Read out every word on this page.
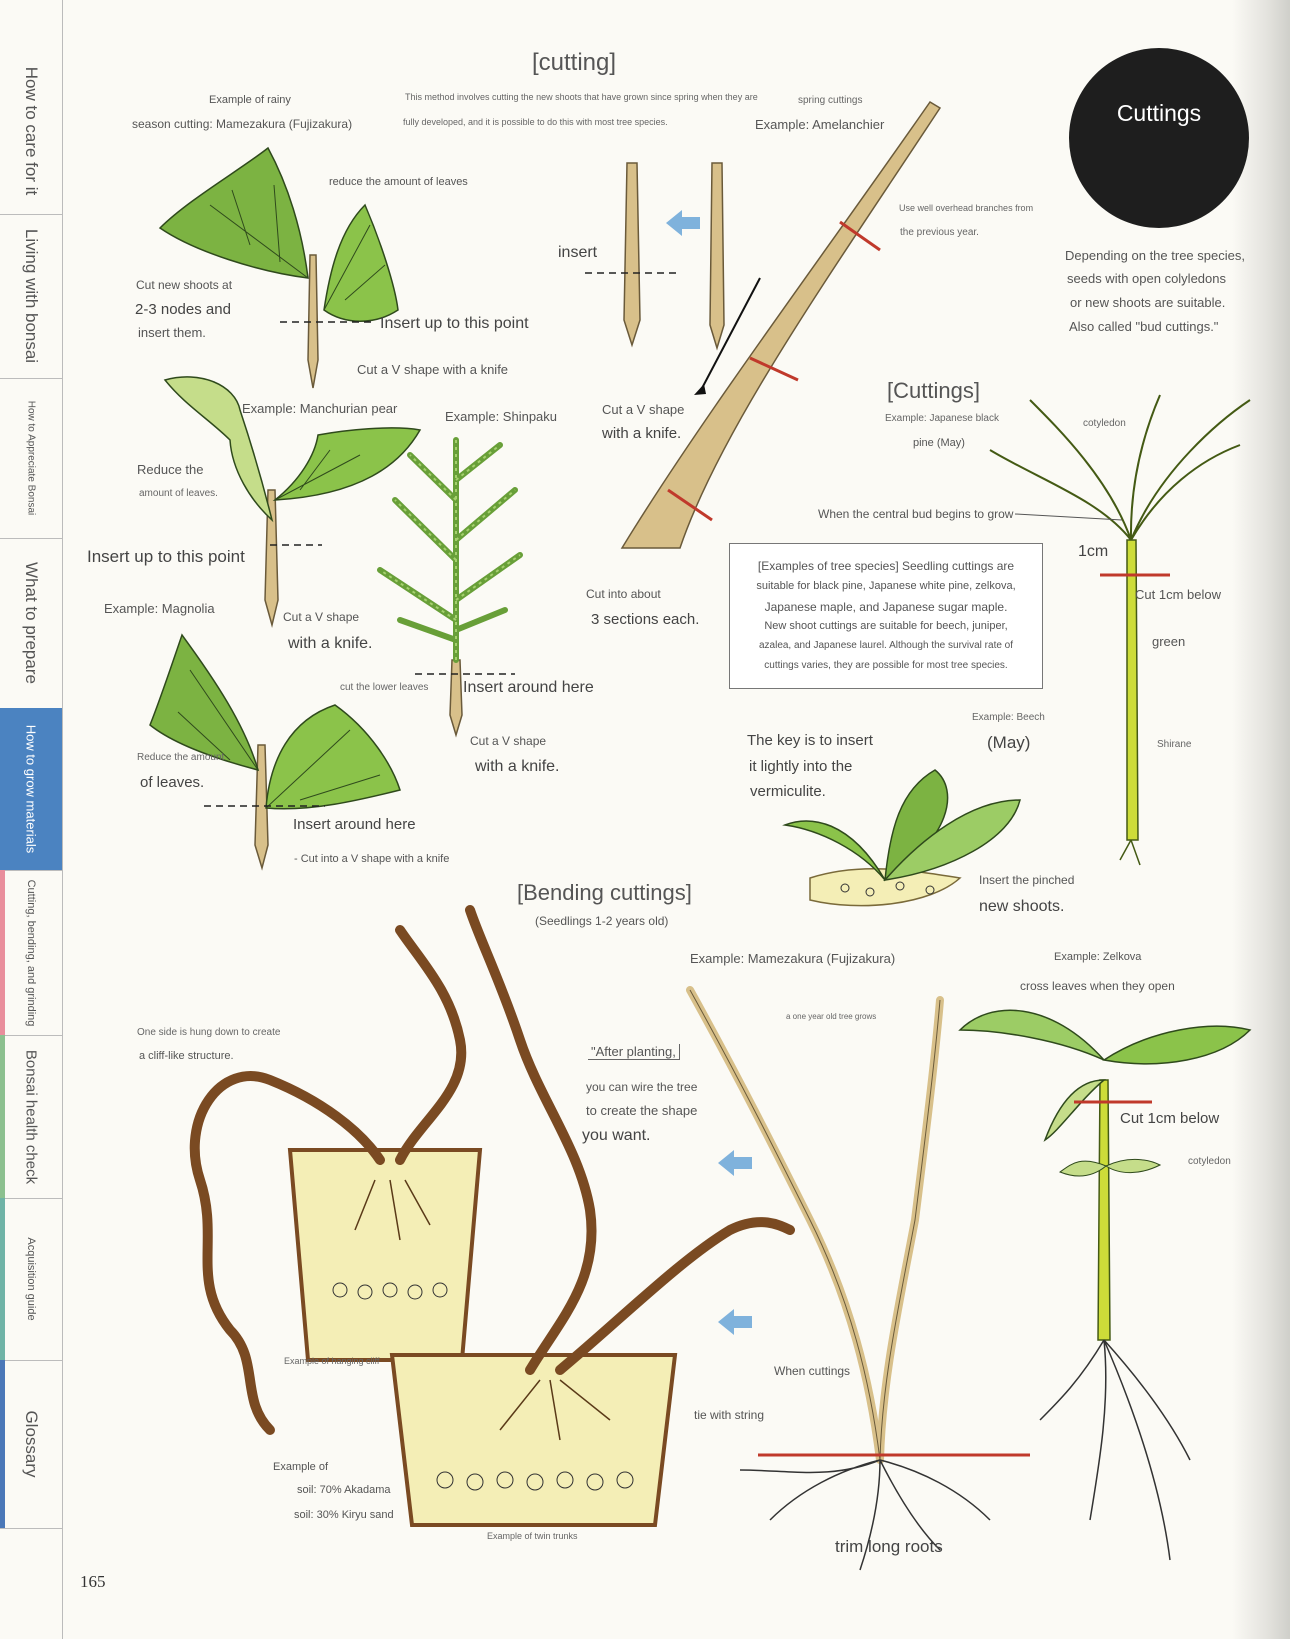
How to care for it
Living with bonsai
How to Appreciate Bonsai
What to prepare
How to grow materials
Cutting, bending, and grinding
Bonsai health check
Acquisition guide
Glossary
Cuttings
Depending on the tree species,
seeds with open colyledons
or new shoots are suitable.
Also called "bud cuttings."
[cutting]
Example of rainy
season cutting: Mamezakura (Fujizakura)
This method involves cutting the new shoots that have grown since spring when they are
fully developed, and it is possible to do this with most tree species.
spring cuttings
Example: Amelanchier
reduce the amount of leaves
Cut new shoots at
2-3 nodes and
insert them.
Insert up to this point
Cut a V shape with a knife
insert
Use well overhead branches from
the previous year.
Cut a V shape
with a knife.
Cut into about
3 sections each.
Example: Manchurian pear
Example: Shinpaku
Reduce the
amount of leaves.
Insert up to this point
Example: Magnolia
Cut a V shape
with a knife.
cut the lower leaves Insert around here
Cut a V shape
with a knife.
Reduce the amount
of leaves.
Insert around here
- Cut into a V shape with a knife
[Cuttings]
Example: Japanese black
pine (May)
cotyledon
When the central bud begins to grow
1cm
Cut 1cm below
green
Shirane
[Examples of tree species] Seedling cuttings are
suitable for black pine, Japanese white pine, zelkova,
Japanese maple, and Japanese sugar maple.
New shoot cuttings are suitable for beech, juniper,
azalea, and Japanese laurel. Although the survival rate of
cuttings varies, they are possible for most tree species.
Example: Beech
(May)
The key is to insert
it lightly into the
vermiculite.
Insert the pinched
new shoots.
[Bending cuttings]
(Seedlings 1-2 years old)
Example: Mamezakura (Fujizakura)
One side is hung down to create
a cliff-like structure.	"After planting,
you can wire the tree
to create the shape
you want.
Example of hanging cliff
Example of
soil: 70% Akadama
soil: 30% Kiryu sand
Example of twin trunks
tie with string
When cuttings
trim long roots
a one year old tree grows
Example: Zelkova
cross leaves when they open
Cut 1cm below
cotyledon
165
